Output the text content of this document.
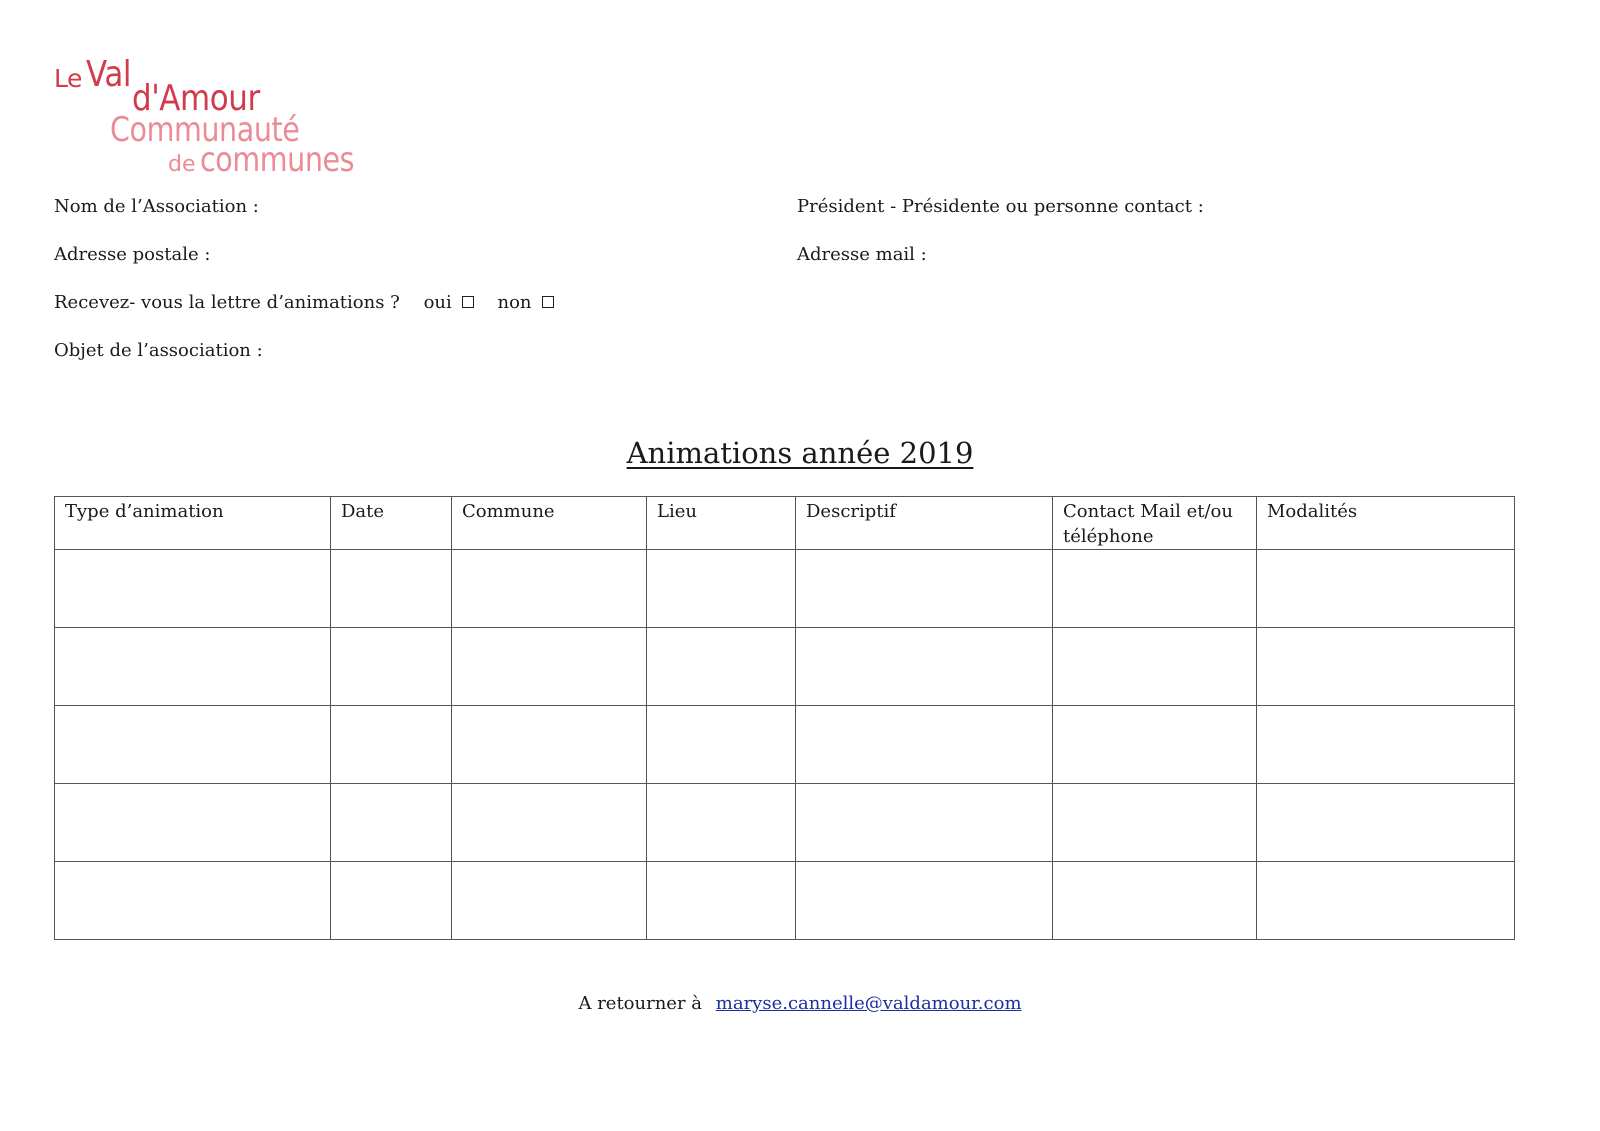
Le Val
d'Amour
Communauté
de communes
Nom de l’Association :	Président - Présidente ou personne contact :
Adresse postale :	Adresse mail :
Recevez- vous la lettre d’animations ? oui	non
Objet de l’association :
Animations année 2019
Type d’animation	Date	Commune	Lieu	Descriptif	Contact Mail et/ou téléphone	Modalités

A retourner à maryse.cannelle@valdamour.com
